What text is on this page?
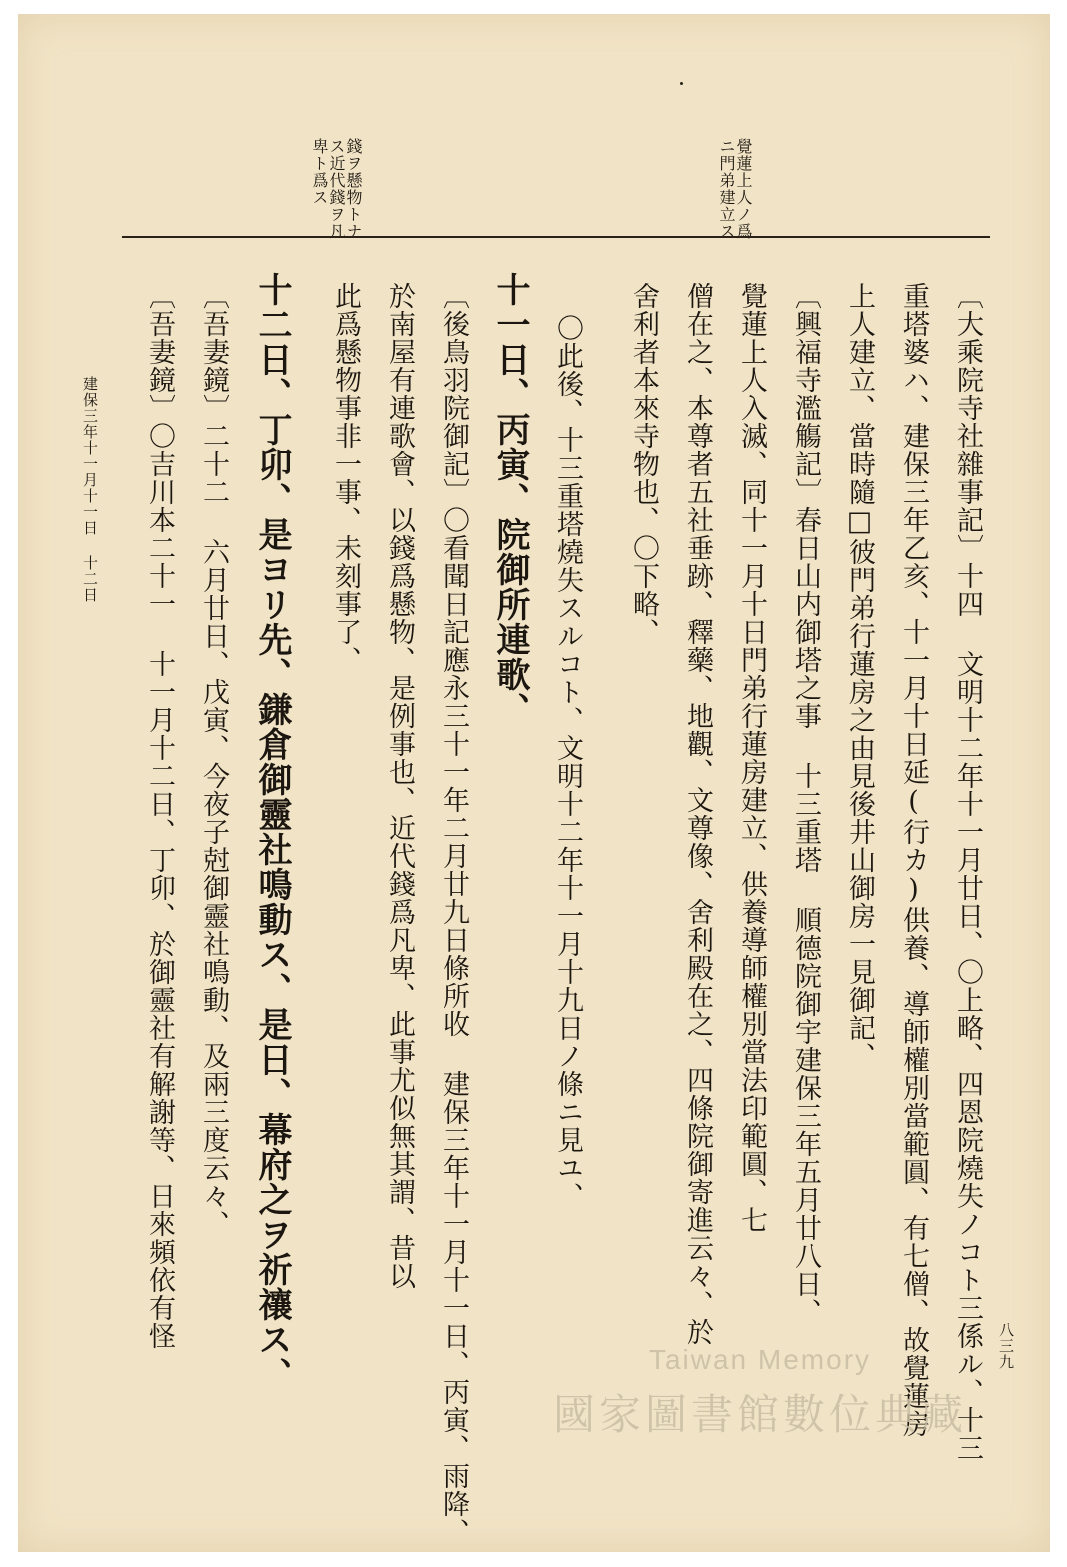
覺蓮上人ノ爲ニ門弟建立ス
錢ヲ懸物トナス近代錢ヲ凡卑ト爲ス
〔大乘院寺社雜事記〕十四 文明十二年十一月廿日、〇上略、四恩院燒失ノコト三係ル、十三
重塔婆ハ、建保三年乙亥、十一月十日延(行カ)供養、導師權別當範圓、有七僧、故覺蓮房
上人建立、當時隨□彼門弟行蓮房之由見後井山御房一見御記、
〔興福寺濫觴記〕春日山内御塔之事 十三重塔 順德院御宇建保三年五月廿八日、
覺蓮上人入滅、同十一月十日門弟行蓮房建立、供養導師權別當法印範圓、七
僧在之、本尊者五社垂跡、釋藥、地觀、文尊像、舍利殿在之、四條院御寄進云々、於
舍利者本來寺物也、〇下略、
〇此後、十三重塔燒失スルコト、文明十二年十一月十九日ノ條ニ見ユ、
十一日、丙寅、院御所連歌、
〔後鳥羽院御記〕〇看聞日記應永三十一年二月廿九日條所收 建保三年十一月十一日、丙寅、雨降、
於南屋有連歌會、以錢爲懸物、是例事也、近代錢爲凡卑、此事尤似無其謂、昔以
此爲懸物事非一事、未刻事了、
十二日、丁卯、是ヨリ先、鎌倉御靈社鳴動ス、是日、幕府之ヲ祈禳ス、
〔吾妻鏡〕二十二 六月廿日、戊寅、今夜子尅御靈社鳴動、及兩三度云々、
〔吾妻鏡〕〇吉川本二十一 十一月十二日、丁卯、於御靈社有解謝等、日來頻依有怪
建保三年十一月十一日 十二日
八三九
Taiwan Memory
國家圖書館數位典藏
